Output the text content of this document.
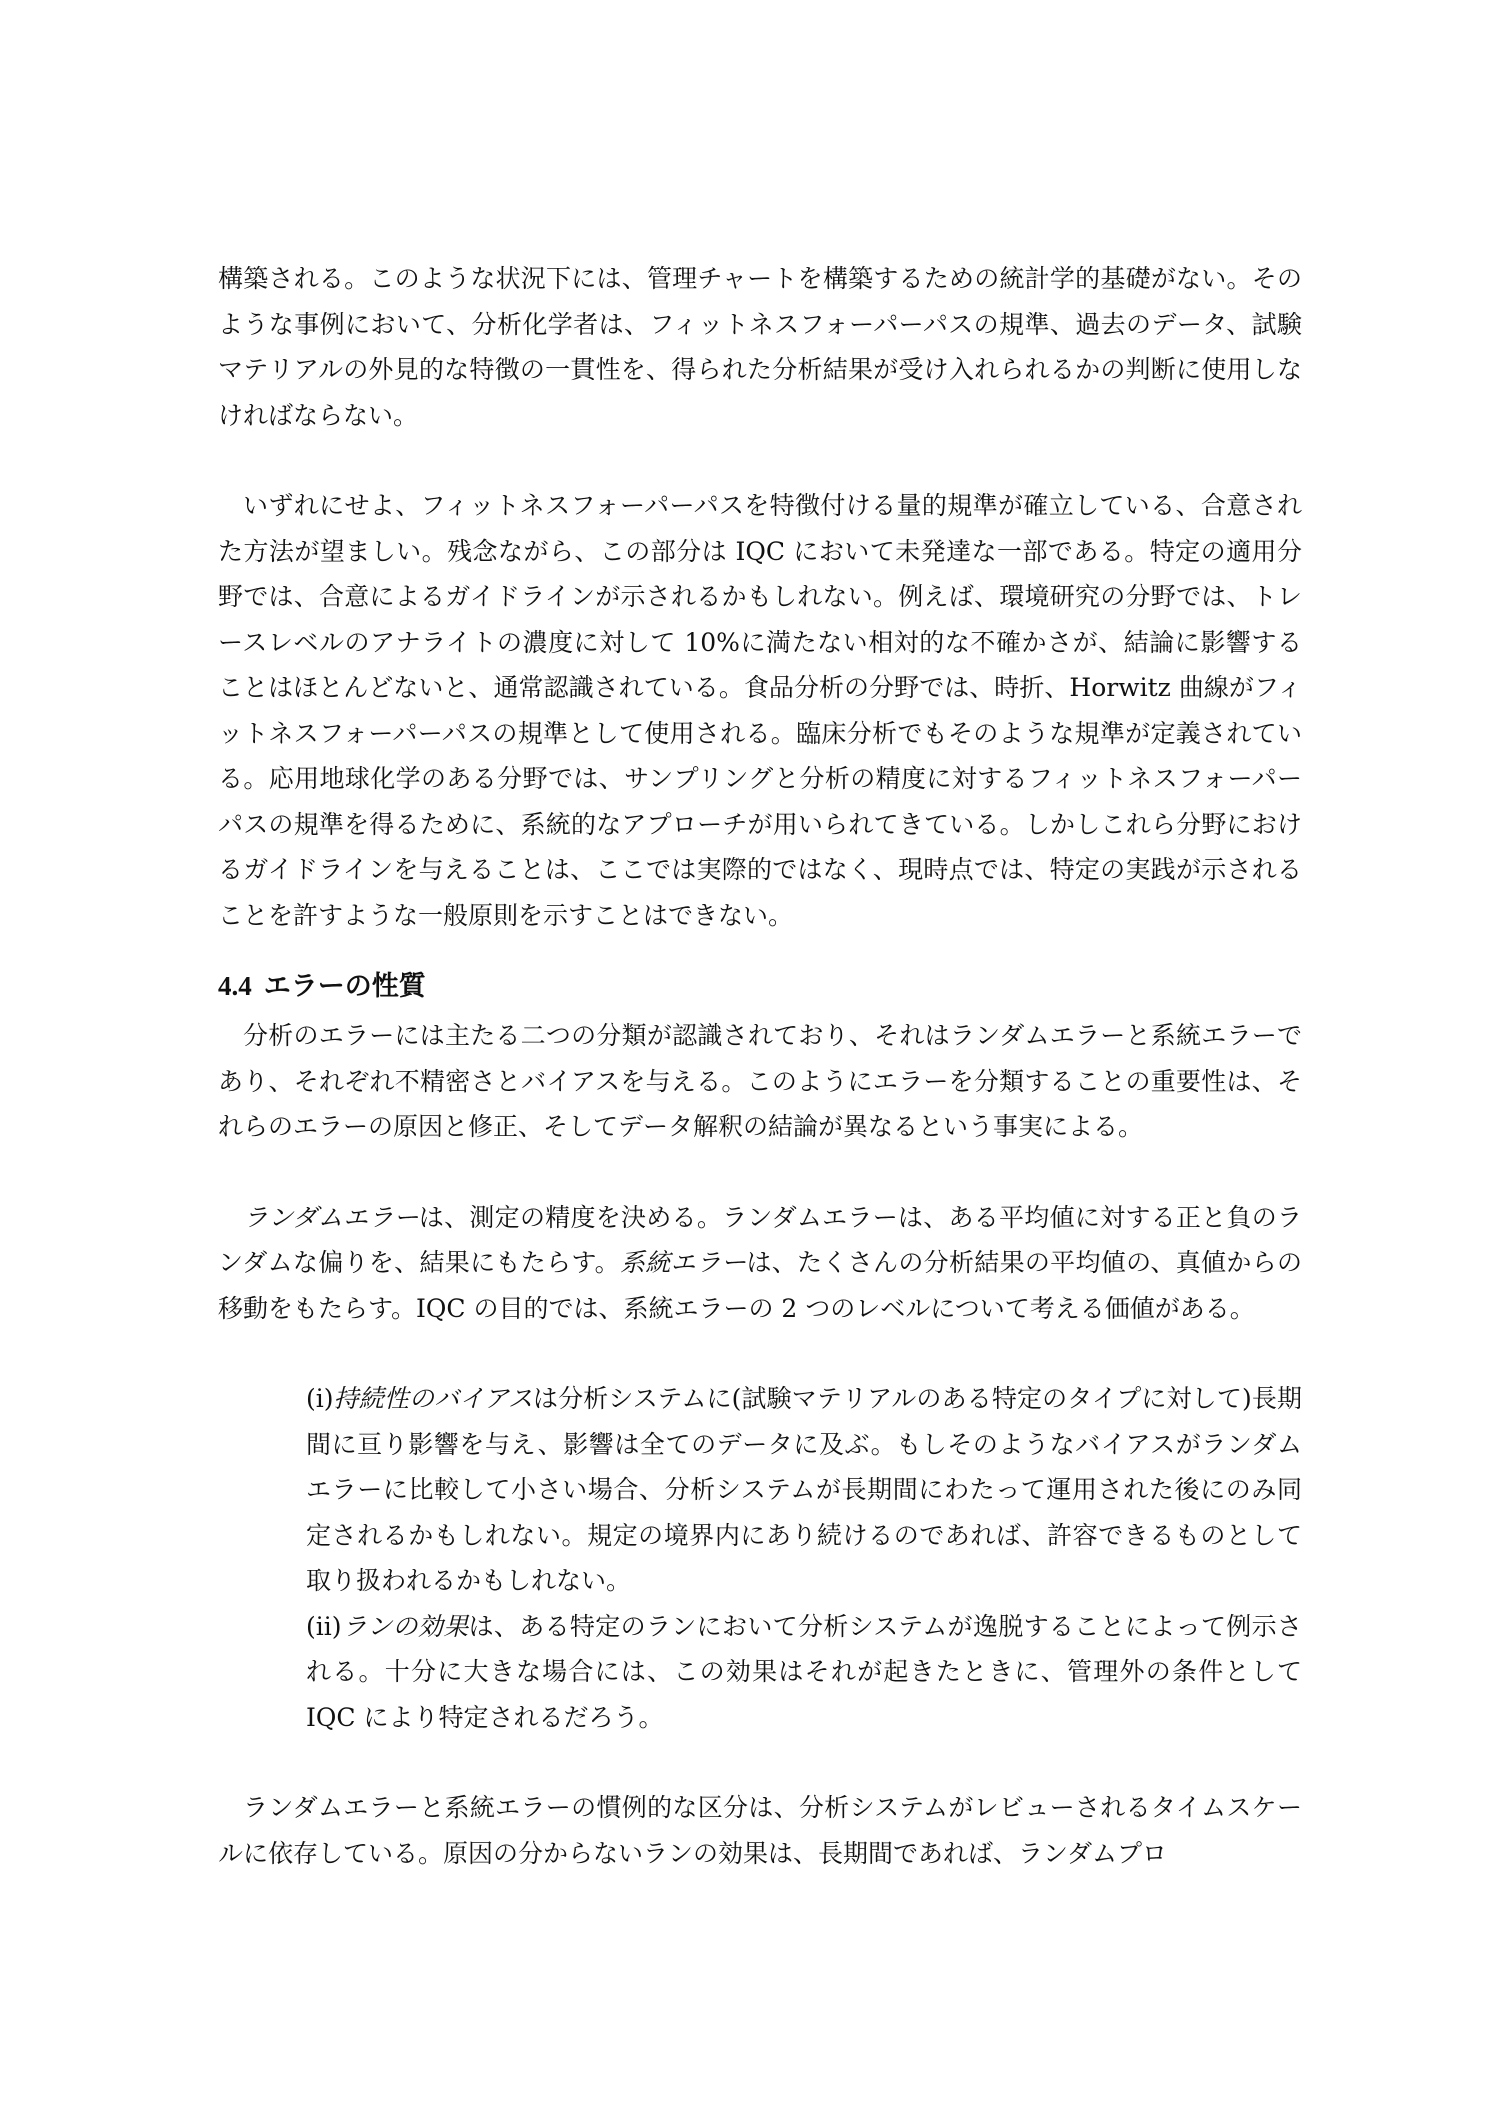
構築される。このような状況下には、管理チャートを構築するための統計学的基礎がない。そのような事例において、分析化学者は、フィットネスフォーパーパスの規準、過去のデータ、試験マテリアルの外見的な特徴の一貫性を、得られた分析結果が受け入れられるかの判断に使用しなければならない。

いずれにせよ、フィットネスフォーパーパスを特徴付ける量的規準が確立している、合意された方法が望ましい。残念ながら、この部分は IQC において未発達な一部である。特定の適用分野では、合意によるガイドラインが示されるかもしれない。例えば、環境研究の分野では、トレースレベルのアナライトの濃度に対して 10%に満たない相対的な不確かさが、結論に影響することはほとんどないと、通常認識されている。食品分析の分野では、時折、Horwitz 曲線がフィットネスフォーパーパスの規準として使用される。臨床分析でもそのような規準が定義されている。応用地球化学のある分野では、サンプリングと分析の精度に対するフィットネスフォーパーパスの規準を得るために、系統的なアプローチが用いられてきている。しかしこれら分野におけるガイドラインを与えることは、ここでは実際的ではなく、現時点では、特定の実践が示されることを許すような一般原則を示すことはできない。

4.4 エラーの性質

分析のエラーには主たる二つの分類が認識されており、それはランダムエラーと系統エラーであり、それぞれ不精密さとバイアスを与える。このようにエラーを分類することの重要性は、それらのエラーの原因と修正、そしてデータ解釈の結論が異なるという事実による。

ランダムエラーは、測定の精度を決める。ランダムエラーは、ある平均値に対する正と負のランダムな偏りを、結果にもたらす。系統エラーは、たくさんの分析結果の平均値の、真値からの移動をもたらす。IQC の目的では、系統エラーの 2 つのレベルについて考える価値がある。

(i)持続性のバイアスは分析システムに(試験マテリアルのある特定のタイプに対して)長期間に亘り影響を与え、影響は全てのデータに及ぶ。もしそのようなバイアスがランダムエラーに比較して小さい場合、分析システムが長期間にわたって運用された後にのみ同定されるかもしれない。規定の境界内にあり続けるのであれば、許容できるものとして取り扱われるかもしれない。

(ii)ランの効果は、ある特定のランにおいて分析システムが逸脱することによって例示される。十分に大きな場合には、この効果はそれが起きたときに、管理外の条件として IQC により特定されるだろう。

ランダムエラーと系統エラーの慣例的な区分は、分析システムがレビューされるタイムスケールに依存している。原因の分からないランの効果は、長期間であれば、ランダムプロ
